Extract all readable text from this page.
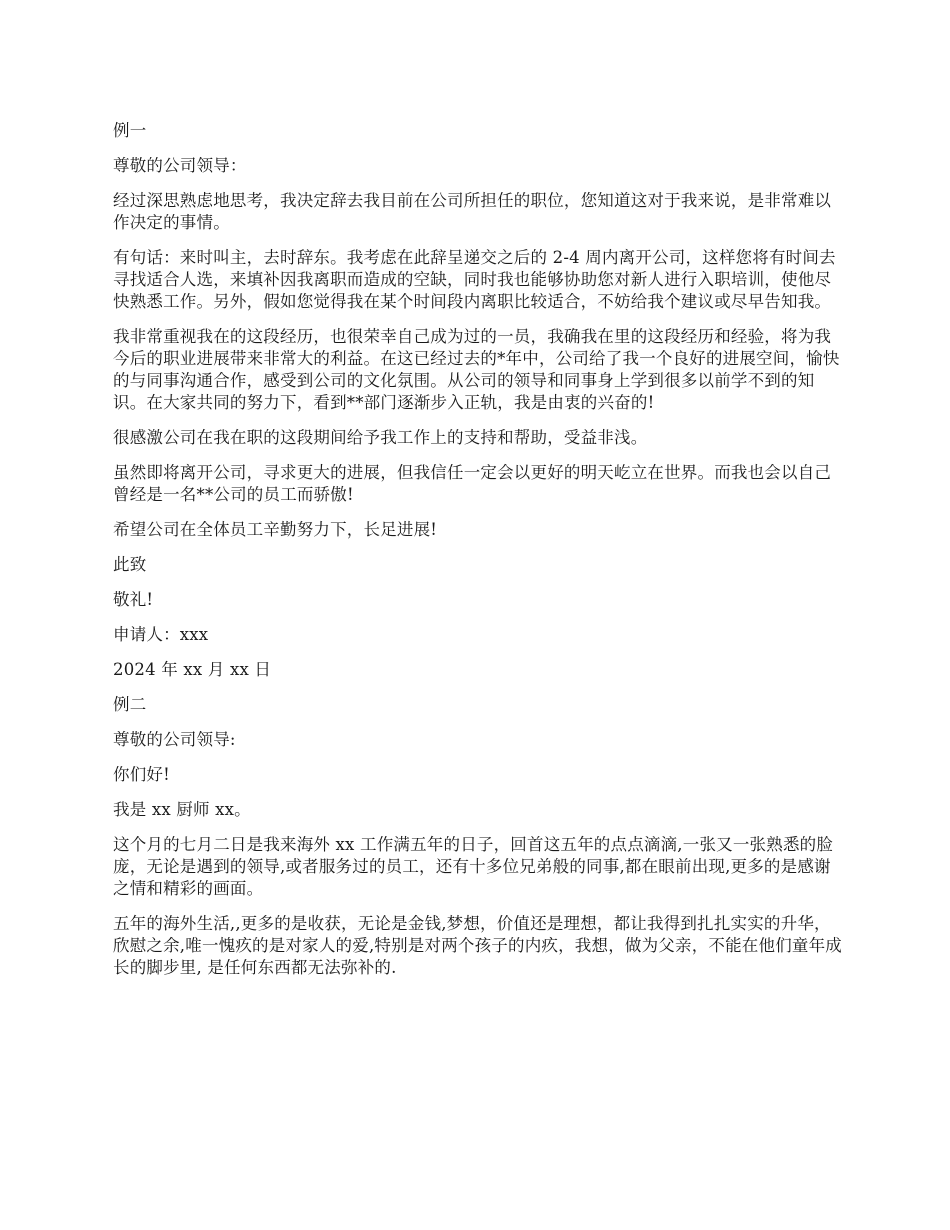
例一

尊敬的公司领导：

经过深思熟虑地思考，我决定辞去我目前在公司所担任的职位，您知道这对于我来说，是非常难以作决定的事情。

有句话：来时叫主，去时辞东。我考虑在此辞呈递交之后的 2-4 周内离开公司，这样您将有时间去寻找适合人选，来填补因我离职而造成的空缺，同时我也能够协助您对新人进行入职培训，使他尽快熟悉工作。另外，假如您觉得我在某个时间段内离职比较适合，不妨给我个建议或尽早告知我。

我非常重视我在的这段经历，也很荣幸自己成为过的一员，我确我在里的这段经历和经验，将为我今后的职业进展带来非常大的利益。在这已经过去的*年中，公司给了我一个良好的进展空间，愉快的与同事沟通合作，感受到公司的文化氛围。从公司的领导和同事身上学到很多以前学不到的知识。在大家共同的努力下，看到**部门逐渐步入正轨，我是由衷的兴奋的!

很感激公司在我在职的这段期间给予我工作上的支持和帮助，受益非浅。

虽然即将离开公司，寻求更大的进展，但我信任一定会以更好的明天屹立在世界。而我也会以自己曾经是一名**公司的员工而骄傲!

希望公司在全体员工辛勤努力下，长足进展!

此致

敬礼!

申请人：xxx

2024 年 xx 月 xx 日

例二

尊敬的公司领导:

你们好!

我是 xx 厨师 xx。

这个月的七月二日是我来海外 xx 工作满五年的日子，回首这五年的点点滴滴,一张又一张熟悉的脸庞，无论是遇到的领导,或者服务过的员工，还有十多位兄弟般的同事,都在眼前出现,更多的是感谢之情和精彩的画面。

五年的海外生活,,更多的是收获，无论是金钱,梦想，价值还是理想，都让我得到扎扎实实的升华，欣慰之余,唯一愧疚的是对家人的爱,特别是对两个孩子的内疚，我想，做为父亲，不能在他们童年成长的脚步里, 是任何东西都无法弥补的.
